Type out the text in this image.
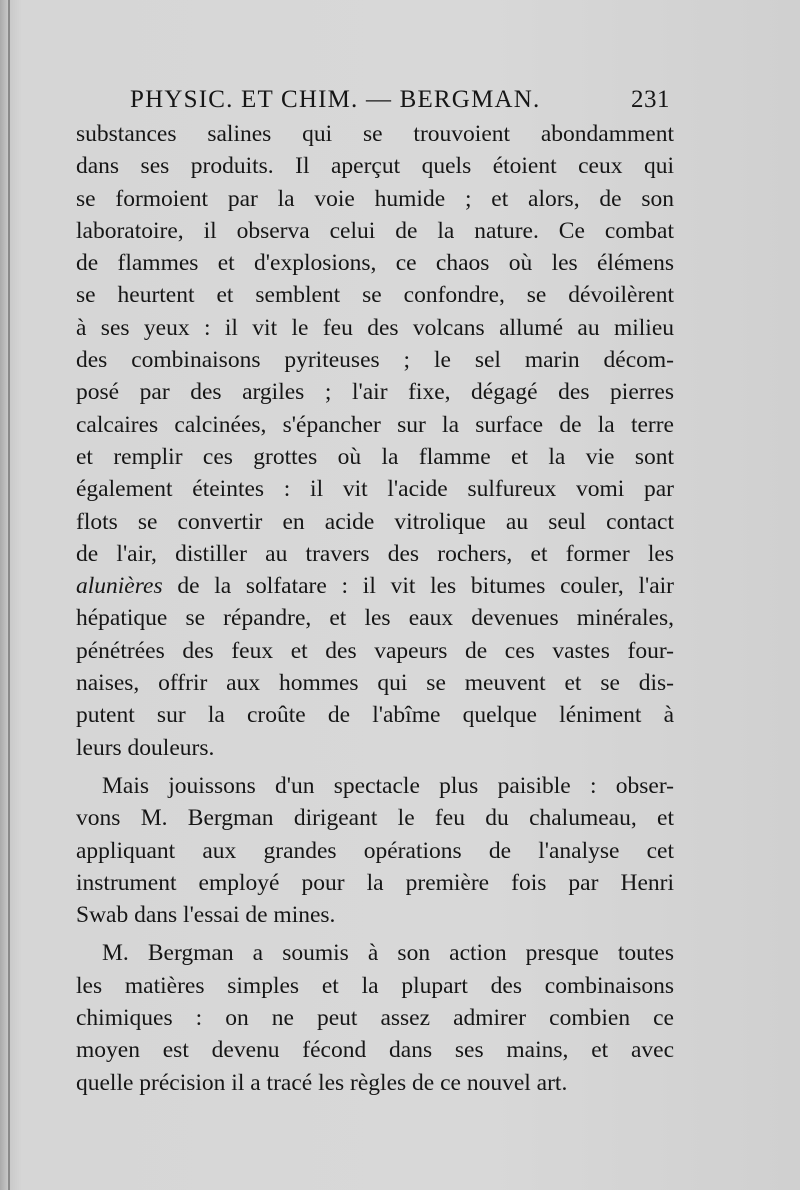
PHYSIC. ET CHIM. — BERGMAN.	231
substances salines qui se trouvoient abondamment
dans ses produits. Il aperçut quels étoient ceux qui
se formoient par la voie humide ; et alors, de son
laboratoire, il observa celui de la nature. Ce combat
de flammes et d'explosions, ce chaos où les élémens
se heurtent et semblent se confondre, se dévoilèrent
à ses yeux : il vit le feu des volcans allumé au milieu
des combinaisons pyriteuses ; le sel marin décom-
posé par des argiles ; l'air fixe, dégagé des pierres
calcaires calcinées, s'épancher sur la surface de la terre
et remplir ces grottes où la flamme et la vie sont
également éteintes : il vit l'acide sulfureux vomi par
flots se convertir en acide vitrolique au seul contact
de l'air, distiller au travers des rochers, et former les
alunières de la solfatare : il vit les bitumes couler, l'air
hépatique se répandre, et les eaux devenues minérales,
pénétrées des feux et des vapeurs de ces vastes four-
naises, offrir aux hommes qui se meuvent et se dis-
putent sur la croûte de l'abîme quelque léniment à
leurs douleurs.
Mais jouissons d'un spectacle plus paisible : obser-
vons M. Bergman dirigeant le feu du chalumeau, et
appliquant aux grandes opérations de l'analyse cet
instrument employé pour la première fois par Henri
Swab dans l'essai de mines.
M. Bergman a soumis à son action presque toutes
les matières simples et la plupart des combinaisons
chimiques : on ne peut assez admirer combien ce
moyen est devenu fécond dans ses mains, et avec
quelle précision il a tracé les règles de ce nouvel art.
